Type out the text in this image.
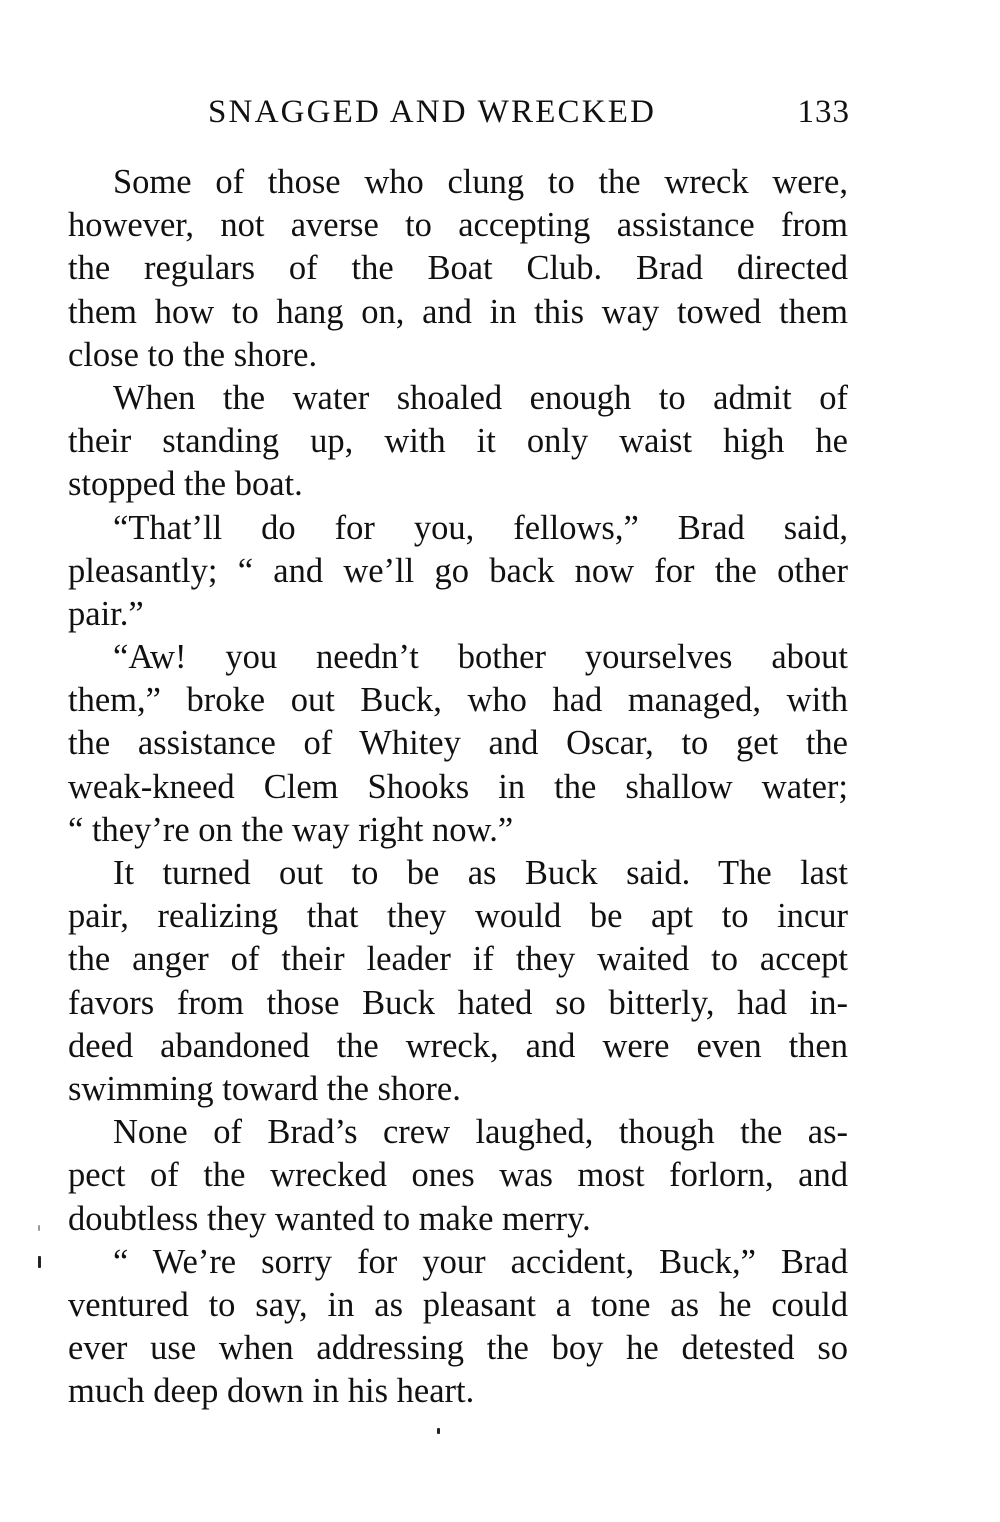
SNAGGED AND WRECKED	133
Some of those who clung to the wreck were,
however, not averse to accepting assistance from
the regulars of the Boat Club. Brad directed
them how to hang on, and in this way towed them
close to the shore.
When the water shoaled enough to admit of
their standing up, with it only waist high he
stopped the boat.
“That’ll do for you, fellows,” Brad said,
pleasantly; “ and we’ll go back now for the other
pair.”
“Aw! you needn’t bother yourselves about
them,” broke out Buck, who had managed, with
the assistance of Whitey and Oscar, to get the
weak-kneed Clem Shooks in the shallow water;
“ they’re on the way right now.”
It turned out to be as Buck said. The last
pair, realizing that they would be apt to incur
the anger of their leader if they waited to accept
favors from those Buck hated so bitterly, had in-
deed abandoned the wreck, and were even then
swimming toward the shore.
None of Brad’s crew laughed, though the as-
pect of the wrecked ones was most forlorn, and
doubtless they wanted to make merry.
“ We’re sorry for your accident, Buck,” Brad
ventured to say, in as pleasant a tone as he could
ever use when addressing the boy he detested so
much deep down in his heart.
